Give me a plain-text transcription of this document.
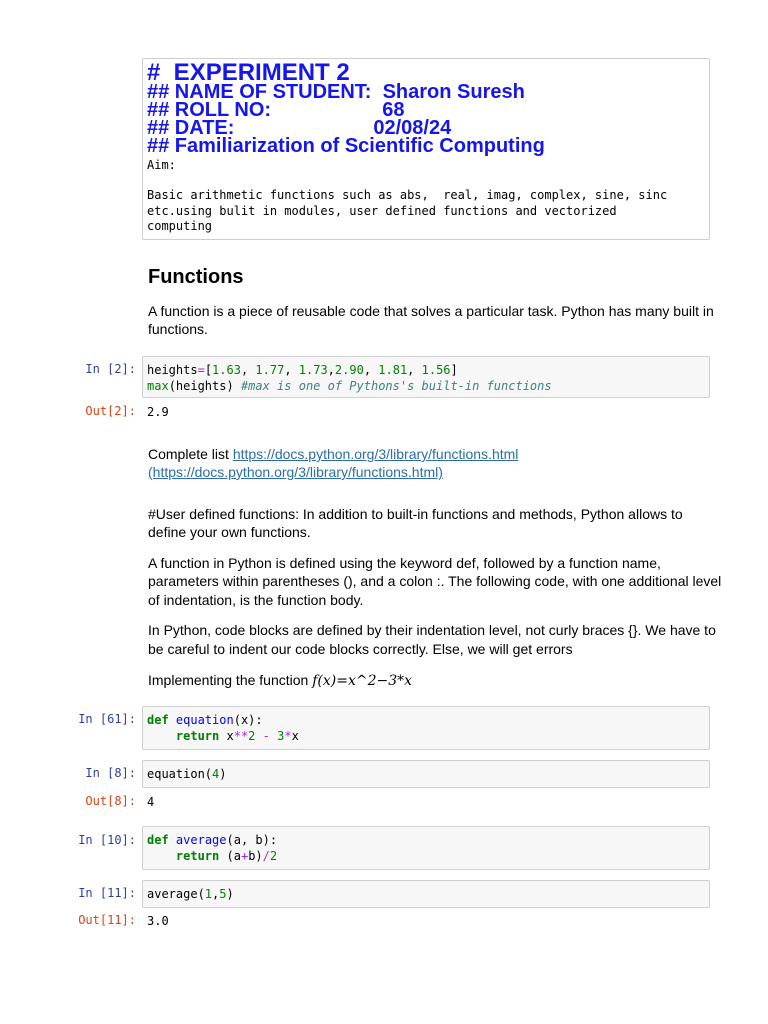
#  EXPERIMENT 2
## NAME OF STUDENT:  Sharon Suresh
## ROLL NO:                    68
## DATE:                         02/08/24
## Familiarization of Scientific Computing
Aim:
Basic arithmetic functions such as abs,  real, imag, complex, sine, sinc
etc.using bulit in modules, user defined functions and vectorized
computing
Functions

A function is a piece of reusable code that solves a particular task. Python has many built in

functions.

In [2]: heights=[1.63, 1.77, 1.73,2.90, 1.81, 1.56]
max(heights) #max is one of Pythons's built-in functions
Out[2]: 2.9

Complete list https://docs.python.org/3/library/functions.html

(https://docs.python.org/3/library/functions.html)

#User defined functions: In addition to built-in functions and methods, Python allows to

define your own functions.

A function in Python is defined using the keyword def, followed by a function name,

parameters within parentheses (), and a colon :. The following code, with one additional level

of indentation, is the function body.

In Python, code blocks are defined by their indentation level, not curly braces {}. We have to

be careful to indent our code blocks correctly. Else, we will get errors

Implementing the function f(x)=x^2−3*x

In [61]: def equation(x):
return x**2 - 3*x
In [8]: equation(4)
Out[8]: 4
In [10]: def average(a, b):
return (a+b)/2
In [11]: average(1,5)
Out[11]: 3.0
